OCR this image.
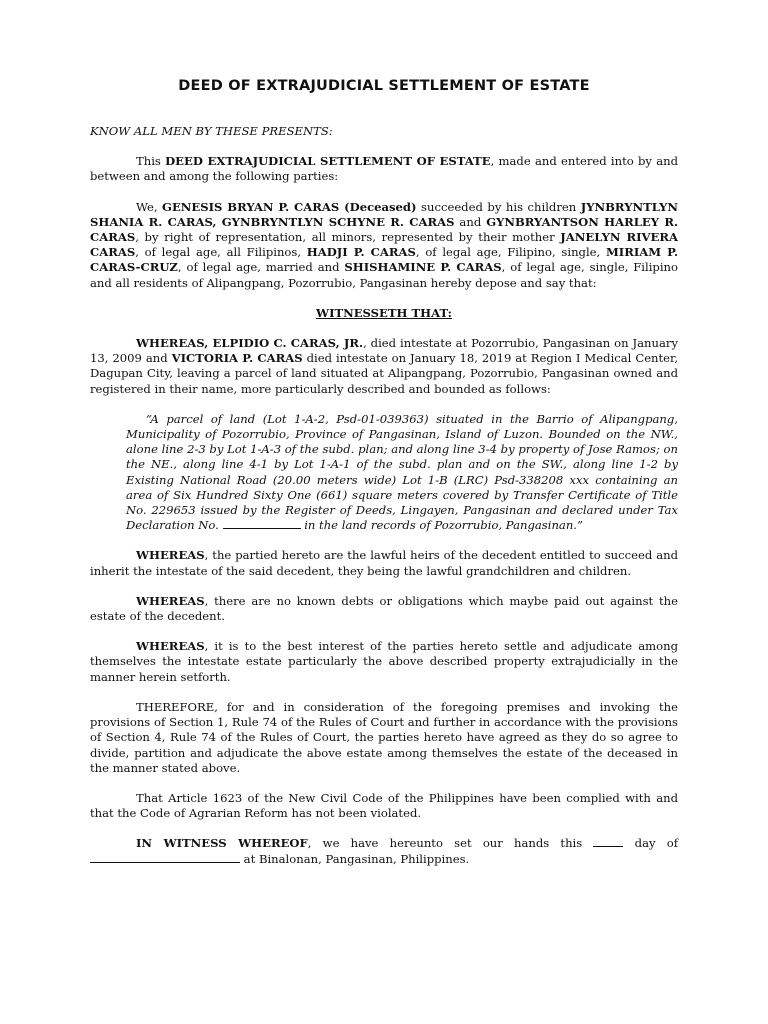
DEED OF EXTRAJUDICIAL SETTLEMENT OF ESTATE

KNOW ALL MEN BY THESE PRESENTS:

This DEED EXTRAJUDICIAL SETTLEMENT OF ESTATE, made and entered into by and between and among the following parties:

We, GENESIS BRYAN P. CARAS (Deceased) succeeded by his children JYNBRYNTLYN SHANIA R. CARAS, GYNBRYNTLYN SCHYNE R. CARAS and GYNBRYANTSON HARLEY R. CARAS, by right of representation, all minors, represented by their mother JANELYN RIVERA CARAS, of legal age, all Filipinos, HADJI P. CARAS, of legal age, Filipino, single, MIRIAM P. CARAS-CRUZ, of legal age, married and SHISHAMINE P. CARAS, of legal age, single, Filipino and all residents of Alipangpang, Pozorrubio, Pangasinan hereby depose and say that:

WITNESSETH THAT:

WHEREAS, ELPIDIO C. CARAS, JR., died intestate at Pozorrubio, Pangasinan on January 13, 2009 and VICTORIA P. CARAS died intestate on January 18, 2019 at Region I Medical Center, Dagupan City, leaving a parcel of land situated at Alipangpang, Pozorrubio, Pangasinan owned and registered in their name, more particularly described and bounded as follows:

“A parcel of land (Lot 1-A-2, Psd-01-039363) situated in the Barrio of Alipangpang, Municipality of Pozorrubio, Province of Pangasinan, Island of Luzon. Bounded on the NW., alone line 2-3 by Lot 1-A-3 of the subd. plan; and along line 3-4 by property of Jose Ramos; on the NE., along line 4-1 by Lot 1-A-1 of the subd. plan and on the SW., along line 1-2 by Existing National Road (20.00 meters wide) Lot 1-B (LRC) Psd-338208 xxx containing an area of Six Hundred Sixty One (661) square meters covered by Transfer Certificate of Title No. 229653 issued by the Register of Deeds, Lingayen, Pangasinan and declared under Tax Declaration No.	in the land records of Pozorrubio, Pangasinan.”

WHEREAS, the partied hereto are the lawful heirs of the decedent entitled to succeed and inherit the intestate of the said decedent, they being the lawful grandchildren and children.

WHEREAS, there are no known debts or obligations which maybe paid out against the estate of the decedent.

WHEREAS, it is to the best interest of the parties hereto settle and adjudicate among themselves the intestate estate particularly the above described property extrajudicially in the manner herein setforth.

THEREFORE, for and in consideration of the foregoing premises and invoking the provisions of Section 1, Rule 74 of the Rules of Court and further in accordance with the provisions of Section 4, Rule 74 of the Rules of Court, the parties hereto have agreed as they do so agree to divide, partition and adjudicate the above estate among themselves the estate of the deceased in the manner stated above.

That Article 1623 of the New Civil Code of the Philippines have been complied with and that the Code of Agrarian Reform has not been violated.

IN WITNESS WHEREOF, we have hereunto set our hands this	day of  at Binalonan, Pangasinan, Philippines.
